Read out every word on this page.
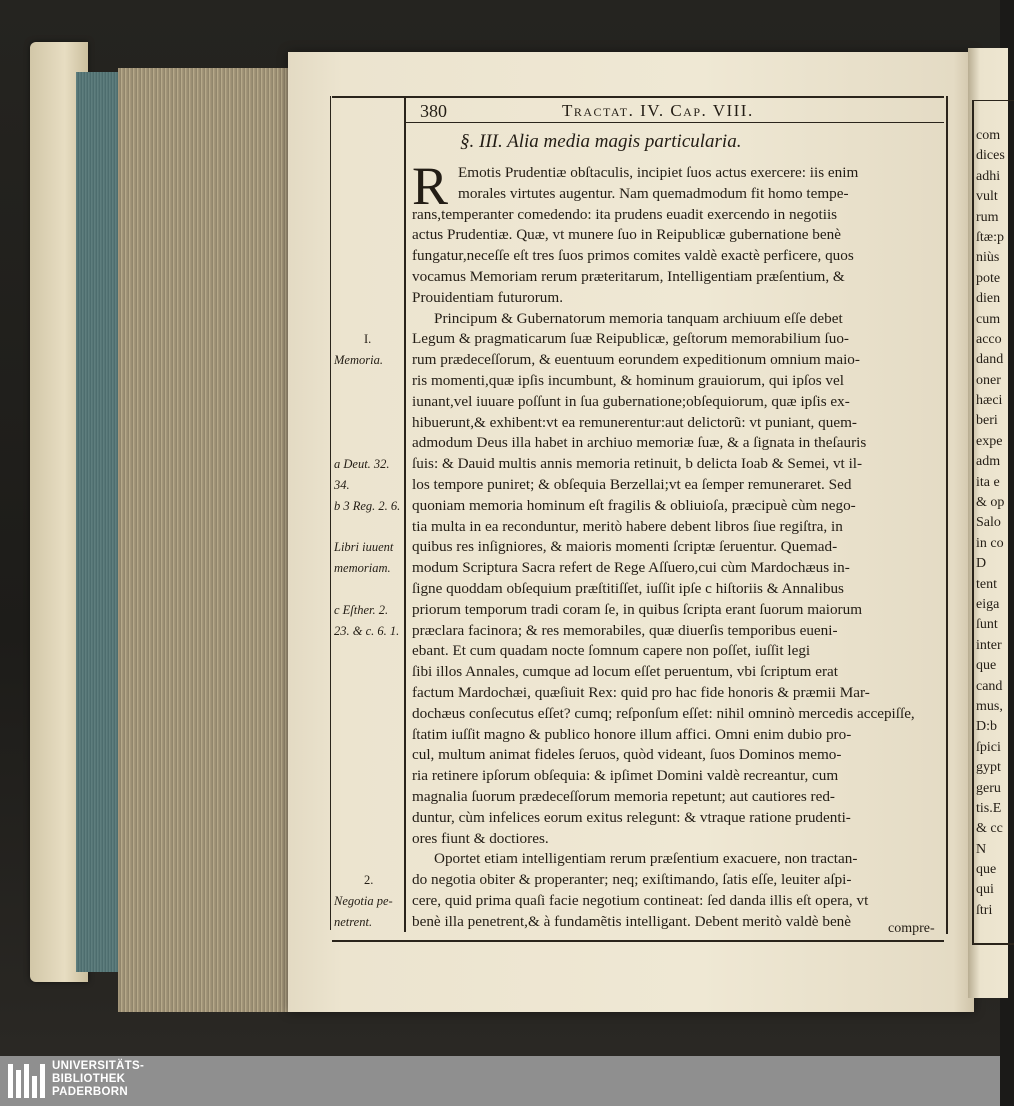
com
dices
adhi
vult
rum
ſtæ:p
niùs
pote
dien
cum
acco
dand
oner
hæci
beri
expe
adm
ita e
& op
Salo
in co
D
tent
eiga
ſunt
inter
que
cand
mus,
D:b
ſpici
gypt
geru
tis.E
& cc
N
que
qui
ſtri
380	Tractat. IV. Cap. VIII.
§. III. Alia media magis particularia.
R Emotis Prudentiæ obſtaculis, incipiet ſuos actus exercere: iis enim
morales virtutes augentur. Nam quemadmodum fit homo tempe-
rans,temperanter comedendo: ita prudens euadit exercendo in negotiis
actus Prudentiæ. Quæ, vt munere ſuo in Reipublicæ gubernatione benè
fungatur,neceſſe eſt tres ſuos primos comites valdè exactè perficere, quos
vocamus Memoriam rerum præteritarum, Intelligentiam præſentium, &
Prouidentiam futurorum.
Principum & Gubernatorum memoria tanquam archiuum eſſe debet
Legum & pragmaticarum ſuæ Reipublicæ, geſtorum memorabilium ſuo-
rum prædeceſſorum, & euentuum eorundem expeditionum omnium maio-
ris momenti,quæ ipſis incumbunt, & hominum grauiorum, qui ipſos vel
iunant,vel iuuare poſſunt in ſua gubernatione;obſequiorum, quæ ipſis ex-
hibuerunt,& exhibent:vt ea remunerentur:aut delictorũ: vt puniant, quem-
admodum Deus illa habet in archiuo memoriæ ſuæ, & a ſignata in theſauris
ſuis: & Dauid multis annis memoria retinuit, b delicta Ioab & Semei, vt il-
los tempore puniret; & obſequia Berzellai;vt ea ſemper remuneraret. Sed
quoniam memoria hominum eſt fragilis & obliuioſa, præcipuè cùm nego-
tia multa in ea reconduntur, meritò habere debent libros ſiue regiſtra, in
quibus res inſigniores, & maioris momenti ſcriptæ ſeruentur. Quemad-
modum Scriptura Sacra refert de Rege Aſſuero,cui cùm Mardochæus in-
ſigne quoddam obſequium præſtitiſſet, iuſſit ipſe c hiſtoriis & Annalibus
priorum temporum tradi coram ſe, in quibus ſcripta erant ſuorum maiorum
præclara facinora; & res memorabiles, quæ diuerſis temporibus eueni-
ebant. Et cum quadam nocte ſomnum capere non poſſet, iuſſit legi
ſibi illos Annales, cumque ad locum eſſet peruentum, vbi ſcriptum erat
factum Mardochæi, quæſiuit Rex: quid pro hac fide honoris & præmii Mar-
dochæus conſecutus eſſet? cumq; reſponſum eſſet: nihil omninò mercedis accepiſſe,
ſtatim iuſſit magno & publico honore illum affici. Omni enim dubio pro-
cul, multum animat fideles ſeruos, quòd videant, ſuos Dominos memo-
ria retinere ipſorum obſequia: & ipſimet Domini valdè recreantur, cum
magnalia ſuorum prædeceſſorum memoria repetunt; aut cautiores red-
duntur, cùm infelices eorum exitus relegunt: & vtraque ratione prudenti-
ores fiunt & doctiores.
Oportet etiam intelligentiam rerum præſentium exacuere, non tractan-
do negotia obiter & properanter; neq; exiſtimando, ſatis eſſe, leuiter aſpi-
cere, quid prima quaſi facie negotium contineat: ſed danda illis eſt opera, vt
benè illa penetrent,& à fundamẽtis intelligant. Debent meritò valdè benè
I.
Memoria.
a Deut. 32.
34.
b 3 Reg. 2. 6.
Libri iuuent
memoriam.
c Eſther. 2.
23. & c. 6. 1.
2.
Negotia pe-
netrent.	compre-
UNIVERSITÄTS-
BIBLIOTHEK
PADERBORN
